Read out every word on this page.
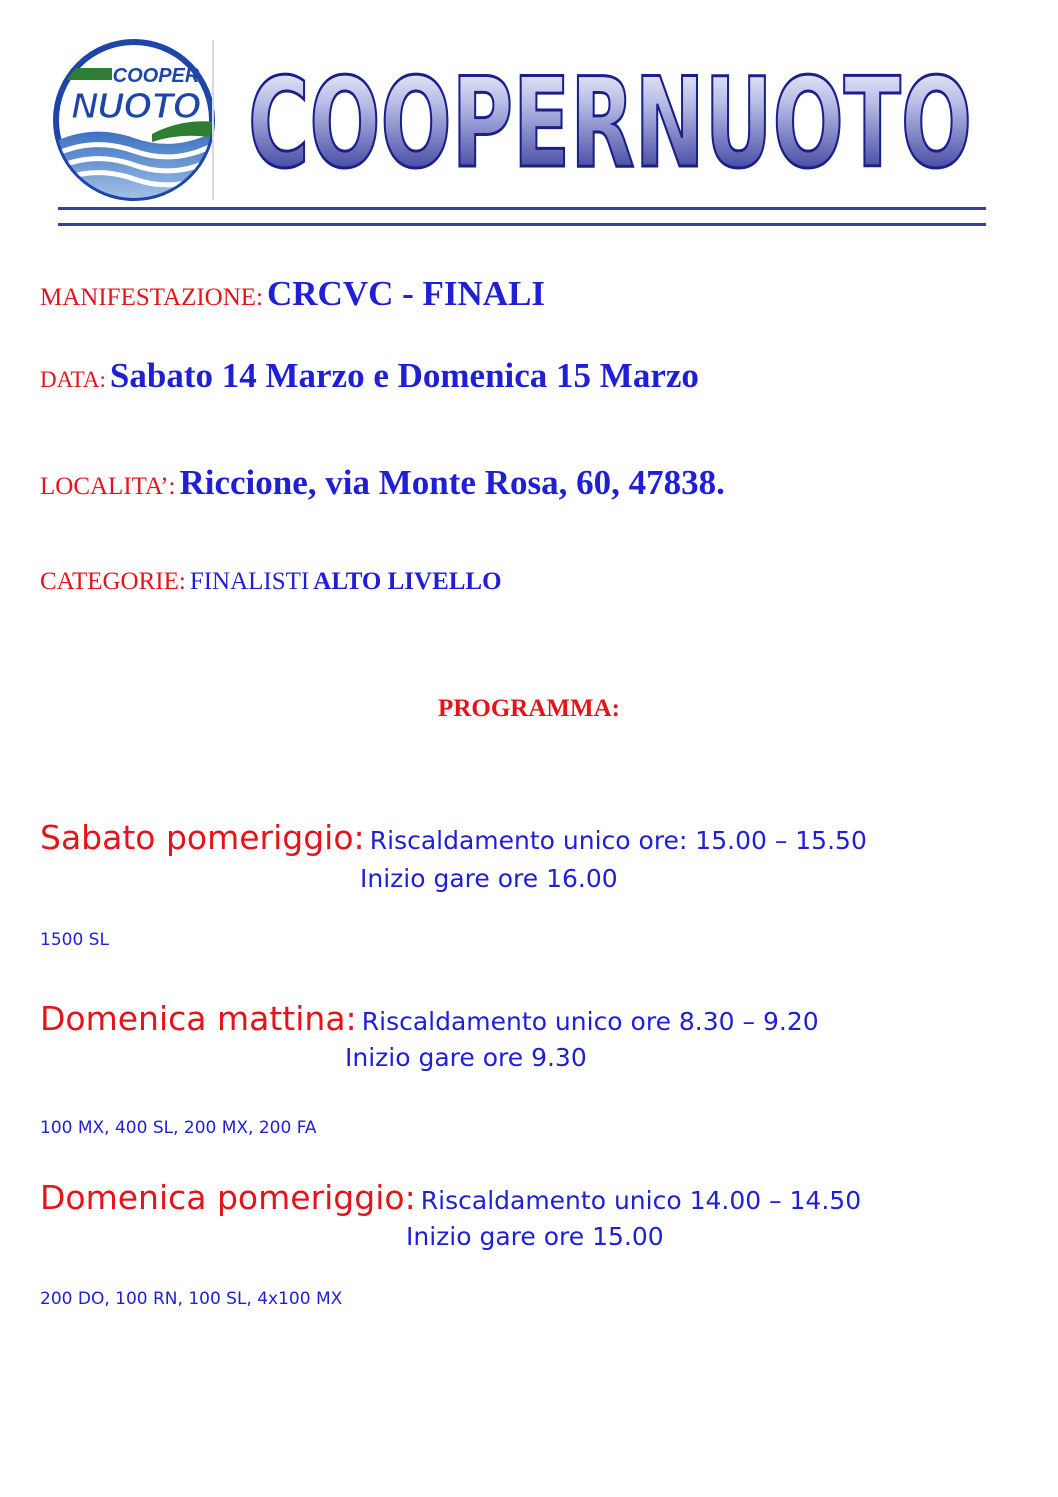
COOPER
NUOTO COOPERNUOTO
MANIFESTAZIONE: CRCVC - FINALI
DATA: Sabato 14 Marzo e Domenica 15 Marzo
LOCALITA’: Riccione, via Monte Rosa, 60, 47838.
CATEGORIE: FINALISTI ALTO LIVELLO
PROGRAMMA:
Sabato pomeriggio: Riscaldamento unico ore: 15.00 – 15.50
Inizio gare ore 16.00
1500 SL
Domenica mattina: Riscaldamento unico ore 8.30 – 9.20
Inizio gare ore 9.30
100 MX, 400 SL, 200 MX, 200 FA
Domenica pomeriggio: Riscaldamento unico 14.00 – 14.50
Inizio gare ore 15.00
200 DO, 100 RN, 100 SL, 4x100 MX
